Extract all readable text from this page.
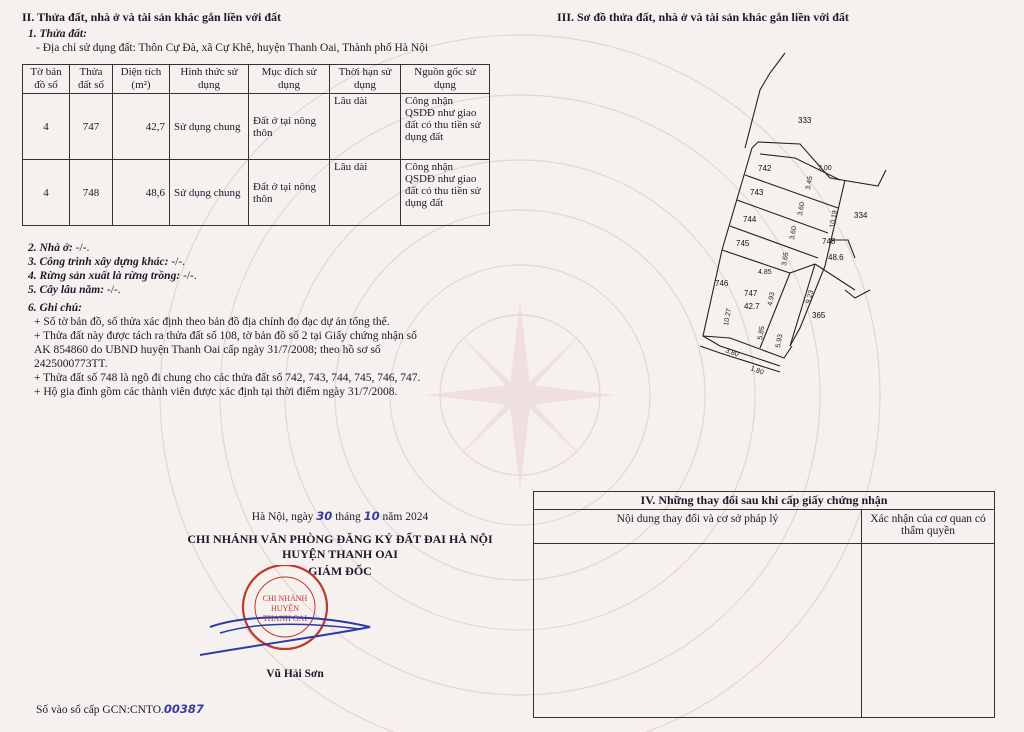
II. Thửa đất, nhà ở và tài sản khác gắn liền với đất
1. Thửa đất:
- Địa chỉ sử dụng đất: Thôn Cự Đà, xã Cự Khê, huyện Thanh Oai, Thành phố Hà Nội
Tờ bản đồ số	Thửa đất số	Diện tích (m²)	Hình thức sử dụng	Mục đích sử dụng	Thời hạn sử dụng	Nguồn gốc sử dụng
4	747	42,7	Sử dụng chung	Đất ở tại nông thôn	Lâu dài	Công nhận QSDĐ như giao đất có thu tiền sử dụng đất
4	748	48,6	Sử dụng chung	Đất ở tại nông thôn	Lâu dài	Công nhận QSDĐ như giao đất có thu tiền sử dụng đất
2. Nhà ở: -/-.
3. Công trình xây dựng khác: -/-.
4. Rừng sản xuất là rừng trồng: -/-.
5. Cây lâu năm: -/-.
6. Ghi chú:
+ Số tờ bản đồ, số thửa xác định theo bản đồ địa chính đo đạc dự án tổng thể.
+ Thửa đất này được tách ra thửa đất số 108, tờ bản đồ số 2 tại Giấy chứng nhận số
AK 854860 do UBND huyện Thanh Oai cấp ngày 31/7/2008; theo hồ sơ số
2425000773TT.
+ Thửa đất số 748 là ngõ đi chung cho các thửa đất số 742, 743, 744, 745, 746, 747.
+ Hộ gia đình gồm các thành viên được xác định tại thời điểm ngày 31/7/2008.
III. Sơ đồ thửa đất, nhà ở và tài sản khác gắn liền với đất
333
742
743
744
745
746
747
748
334
365
42.7
48.6
2.00
3.45
3.60
3.60
3.65
10.19
4.85
4.93	9.23
10.27
5.85
5.93
3.80
1.80
Hà Nội, ngày 30 tháng 10 năm 2024
CHI NHÁNH VĂN PHÒNG ĐĂNG KÝ ĐẤT ĐAI HÀ NỘI
HUYỆN THANH OAI
GIÁM ĐỐC
CHI NHÁNH
HUYỆN
THANH OAI
Vũ Hải Sơn
IV. Những thay đổi sau khi cấp giấy chứng nhận	
Nội dung thay đổi và cơ sở pháp lý	Xác nhận của cơ quan có thẩm quyền

Số vào sổ cấp GCN:CNTO.00387
